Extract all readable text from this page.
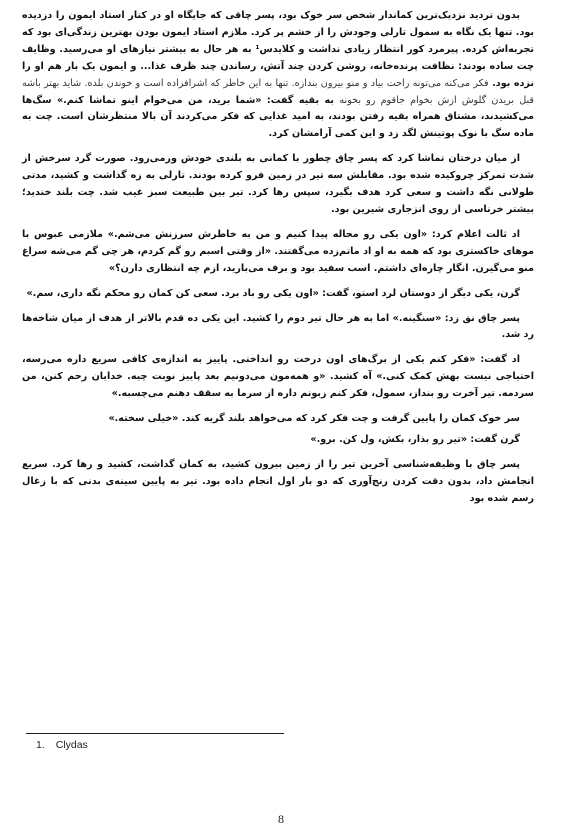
بدون تردید نزدیک‌ترین کماندار شخص سر خوک بود، پسر چاقی که جایگاه او در کنار استاد ایمون را دزدیده بود. تنها یک نگاه به سمول تارلی وجودش را از خشم پر کرد. ملازم استاد ایمون بودن بهترین زندگی‌ای بود که تجربه‌اش کرده. پیرمرد کور انتظار زیادی نداشت و کلایدس¹ به هر حال به بیشتر نیازهای او می‌رسید. وظایف چت ساده بودند: نظافت پرنده‌خانه، روشن کردن چند آتش، رساندن چند ظرف غذا... و ایمون یک بار هم او را نزده بود. فکر می‌کنه می‌تونه راحت بیاد و منو بیرون بندازه. تنها به این خاطر که اشرافزاده است و خوندن بلده. شاید بهتر باشه قبل بریدن گلوش ازش بخوام جاقوم رو بخونه به بقیه گفت: «شما برید، من می‌خوام اینو تماشا کنم.» سگ‌ها می‌کشیدند، مشتاق همراه بقیه رفتن بودند، به امید غذایی که فکر می‌کردند آن بالا منتظرشان است. چت به ماده سگ با نوک پوتینش لگد زد و این کمی آرامشان کرد.

از میان درختان تماشا کرد که پسر چاق چطور با کمانی به بلندی خودش ورمی‌رود. صورت گرد سرخش از شدت تمرکز چروکیده شده بود. مقابلش سه تیر در زمین فرو کرده بودند. تارلی به زه گذاشت و کشید، مدتی طولانی نگه داشت و سعی کرد هدف بگیرد، سپس رها کرد. تیر بین طبیعت سبز غیب شد. چت بلند خندید؛ بیشتر خرناسی از روی انزجاری شیرین بود.

اد ثالت اعلام کرد: «اون یکی رو محاله پیدا کنیم و من به خاطرش سرزنش می‌شم.» ملازمی عبوس با موهای خاکستری بود که همه به او اد ماتم‌زده می‌گفتند. «از وقتی اسبم رو گم کردم، هر چی گم می‌شه سراغ منو می‌گیرن. انگار چاره‌ای داشتم. اسب سفید بود و برف می‌بارید، ازم چه انتظاری دارن؟»

گرن، یکی دیگر از دوستان لرد استو، گفت: «اون یکی رو باد برد. سعی کن کمان رو محکم نگه داری، سم.»

پسر چاق نق زد: «سنگینه.» اما به هر حال تیر دوم را کشید. این یکی ده قدم بالاتر از هدف از میان شاخه‌ها رد شد.

اد گفت: «فکر کنم یکی از برگ‌های اون درخت رو انداختی. پاییز به اندازه‌ی کافی سریع داره می‌رسه، احتیاجی نیست بهش کمک کنی.» آه کشید. «و همه‌مون می‌دونیم بعد پاییز نوبت چیه. خدایان رحم کنن، من سردمه. تیر آخرت رو بنداز، سمول، فکر کنم زبونم داره از سرما به سقف دهنم می‌چسبه.»

سر خوک کمان را پایین گرفت و چت فکر کرد که می‌خواهد بلند گریه کند. «خیلی سخته.»

گرن گفت: «تیر رو بذار، بکش، ول کن. برو.»

پسر چاق با وظیفه‌شناسی آخرین تیر را از زمین بیرون کشید، به کمان گذاشت، کشید و رها کرد. سریع انجامش داد، بدون دقت کردن رنج‌آوری که دو بار اول انجام داده بود. تیر به پایین سینه‌ی بدنی که با زغال رسم شده بود

1. Clydas
8
